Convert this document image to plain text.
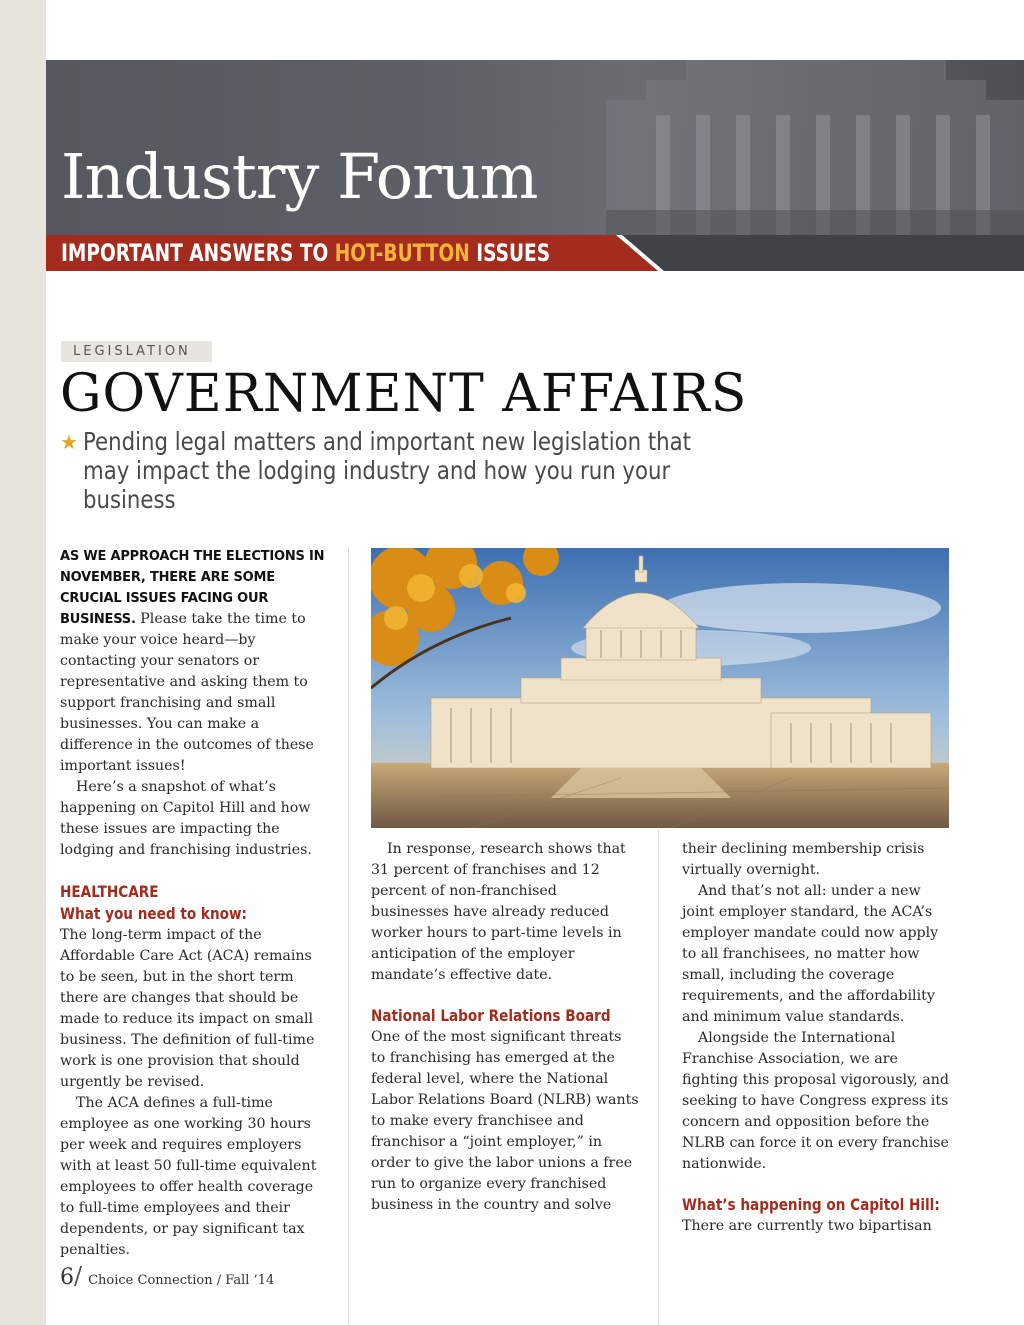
Industry Forum
IMPORTANT ANSWERS TO HOT-BUTTON ISSUES
LEGISLATION
GOVERNMENT AFFAIRS
★ Pending legal matters and important new legislation that may impact the lodging industry and how you run your business

AS WE APPROACH THE ELECTIONS IN NOVEMBER, THERE ARE SOME CRUCIAL ISSUES FACING OUR BUSINESS. Please take the time to make your voice heard—by contacting your senators or representative and asking them to support franchising and small businesses. You can make a difference in the outcomes of these important issues!

Here’s a snapshot of what’s happening on Capitol Hill and how these issues are impacting the lodging and franchising industries.

HEALTHCARE
What you need to know:

The long-term impact of the Affordable Care Act (ACA) remains to be seen, but in the short term there are changes that should be made to reduce its impact on small business. The definition of full-time work is one provision that should urgently be revised.

The ACA defines a full-time employee as one working 30 hours per week and requires employers with at least 50 full-time equivalent employees to offer health coverage to full-time employees and their dependents, or pay significant tax penalties.

In response, research shows that 31 percent of franchises and 12 percent of non-franchised businesses have already reduced worker hours to part-time levels in anticipation of the employer mandate’s effective date.

National Labor Relations Board

One of the most significant threats to franchising has emerged at the federal level, where the National Labor Relations Board (NLRB) wants to make every franchisee and franchisor a “joint employer,” in order to give the labor unions a free run to organize every franchised business in the country and solve

their declining membership crisis virtually overnight.

And that’s not all: under a new joint employer standard, the ACA’s employer mandate could now apply to all franchisees, no matter how small, including the coverage requirements, and the affordability and minimum value standards.

Alongside the International Franchise Association, we are fighting this proposal vigorously, and seeking to have Congress express its concern and opposition before the NLRB can force it on every franchise nationwide.

What’s happening on Capitol Hill:

There are currently two bipartisan

6/ Choice Connection / Fall ’14
